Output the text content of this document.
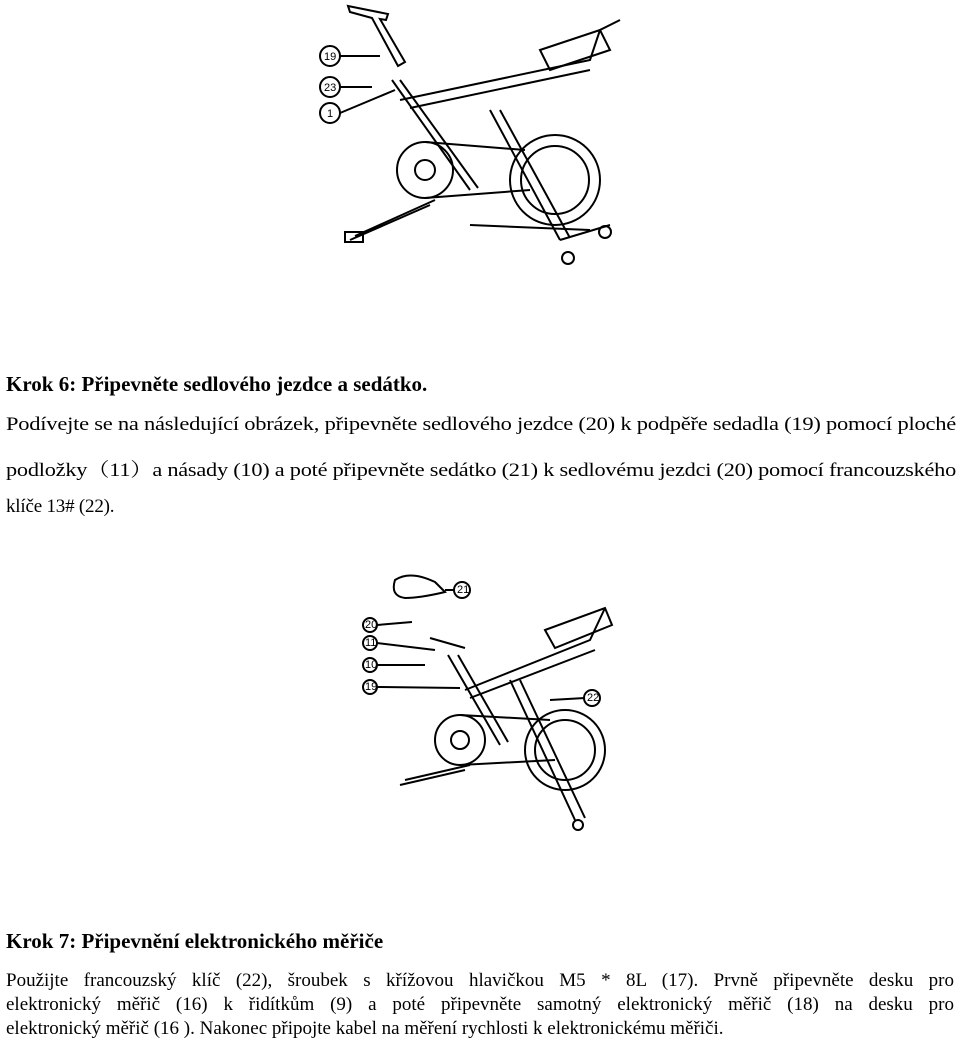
19
23
1
Krok 6: Připevněte sedlového jezdce a sedátko.
Podívejte se na následující obrázek, připevněte sedlového jezdce (20) k podpěře sedadla (19) pomocí ploché
podložky（11）a násady (10) a poté připevněte sedátko (21) k sedlovému jezdci (20) pomocí francouzského
klíče 13# (22).
21
20
11
10
19
22
Krok 7: Připevnění elektronického měřiče
Použijte francouzský klíč (22), šroubek s křížovou hlavičkou M5 * 8L (17). Prvně připevněte desku pro
elektronický měřič (16) k řidítkům (9) a poté připevněte samotný elektronický měřič (18) na desku pro
elektronický měřič (16 ). Nakonec připojte kabel na měření rychlosti k elektronickému měřiči.
